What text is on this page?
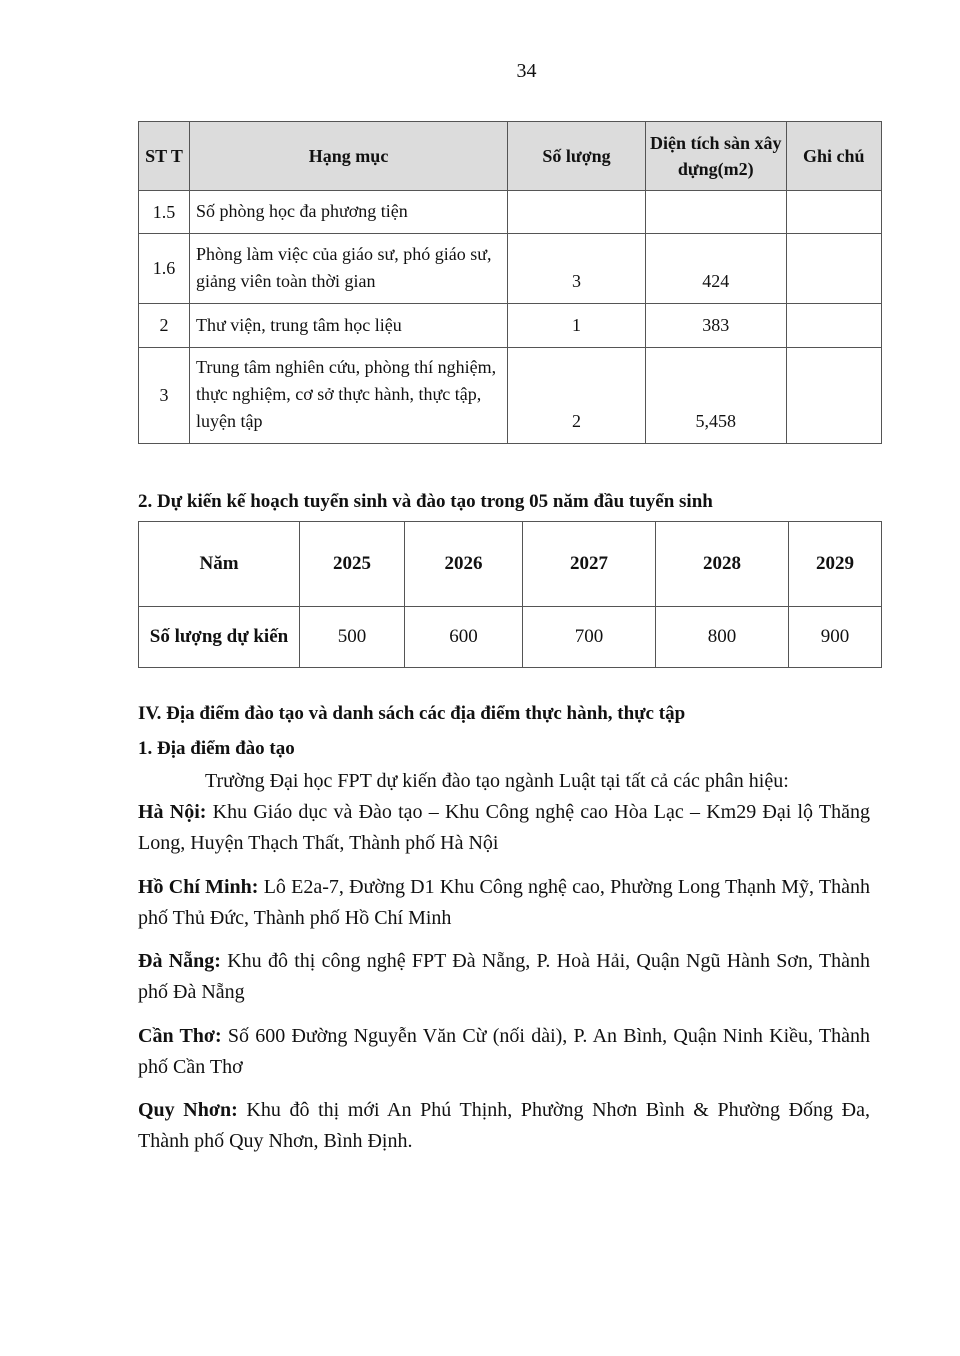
34
ST T	Hạng mục	Số lượng	Diện tích sàn xây dựng(m2)	Ghi chú
1.5	Số phòng học đa phương tiện			
1.6	Phòng làm việc của giáo sư, phó giáo sư, giảng viên toàn thời gian	3	424	
2	Thư viện, trung tâm học liệu	1	383	
3	Trung tâm nghiên cứu, phòng thí nghiệm, thực nghiệm, cơ sở thực hành, thực tập, luyện tập	2	5,458	
2. Dự kiến kế hoạch tuyển sinh và đào tạo trong 05 năm đầu tuyển sinh
Năm	2025	2026	2027	2028	2029
Số lượng dự kiến	500	600	700	800	900
IV. Địa điểm đào tạo và danh sách các địa điểm thực hành, thực tập
1. Địa điểm đào tạo
Trường Đại học FPT dự kiến đào tạo ngành Luật tại tất cả các phân hiệu:
Hà Nội: Khu Giáo dục và Đào tạo – Khu Công nghệ cao Hòa Lạc – Km29 Đại lộ Thăng Long, Huyện Thạch Thất, Thành phố Hà Nội
Hồ Chí Minh: Lô E2a-7, Đường D1 Khu Công nghệ cao, Phường Long Thạnh Mỹ, Thành phố Thủ Đức, Thành phố Hồ Chí Minh
Đà Nẵng: Khu đô thị công nghệ FPT Đà Nẵng, P. Hoà Hải, Quận Ngũ Hành Sơn, Thành phố Đà Nẵng
Cần Thơ: Số 600 Đường Nguyễn Văn Cừ (nối dài), P. An Bình, Quận Ninh Kiều, Thành phố Cần Thơ
Quy Nhơn: Khu đô thị mới An Phú Thịnh, Phường Nhơn Bình & Phường Đống Đa, Thành phố Quy Nhơn, Bình Định.
